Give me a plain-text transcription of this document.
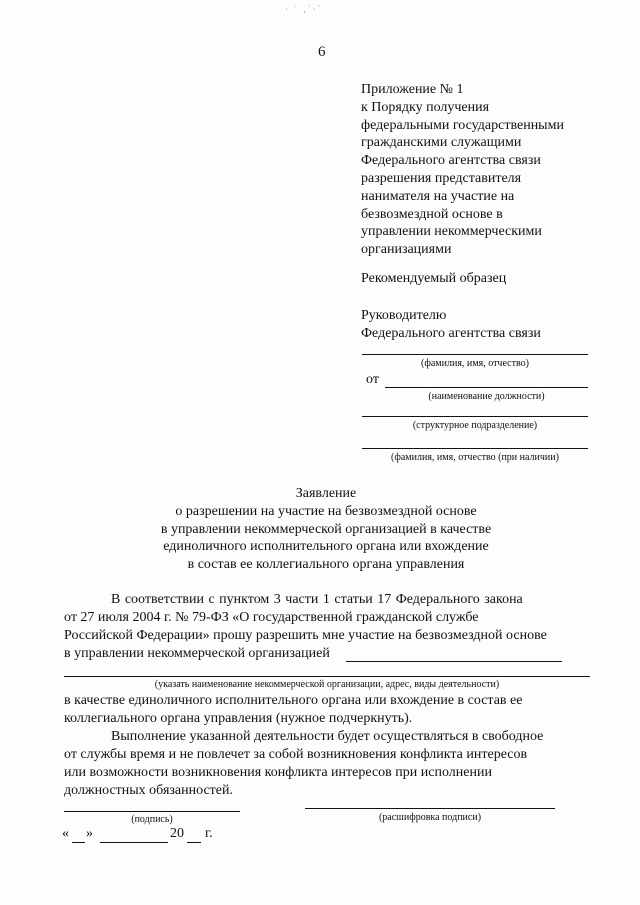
6
· ˙ ,˙·˙
Приложение № 1
к Порядку получения
федеральными государственными
гражданскими служащими
Федерального агентства связи
разрешения представителя
нанимателя на участие на
безвозмездной основе в
управлении некоммерческими
организациями
Рекомендуемый образец
Руководителю
Федерального агентства связи
(фамилия, имя, отчество)
от
(наименование должности)
(структурное подразделение)
(фамилия, имя, отчество (при наличии)
Заявление
о разрешении на участие на безвозмездной основе
в управлении некоммерческой организацией в качестве
единоличного исполнительного органа или вхождение
в состав ее коллегиального органа управления
В соответствии с пунктом 3 части 1 статьи 17 Федерального закона
от 27 июля 2004 г. № 79-ФЗ «О государственной гражданской службе
Российской Федерации» прошу разрешить мне участие на безвозмездной основе
в управлении некоммерческой организацией
(указать наименование некоммерческой организации, адрес, виды деятельности)
в качестве единоличного исполнительного органа или вхождение в состав ее
коллегиального органа управления (нужное подчеркнуть).
Выполнение указанной деятельности будет осуществляться в свободное
от службы время и не повлечет за собой возникновения конфликта интересов
или возможности возникновения конфликта интересов при исполнении
должностных обязанностей.
(подпись)	(расшифровка подписи)
« »	20 г.
